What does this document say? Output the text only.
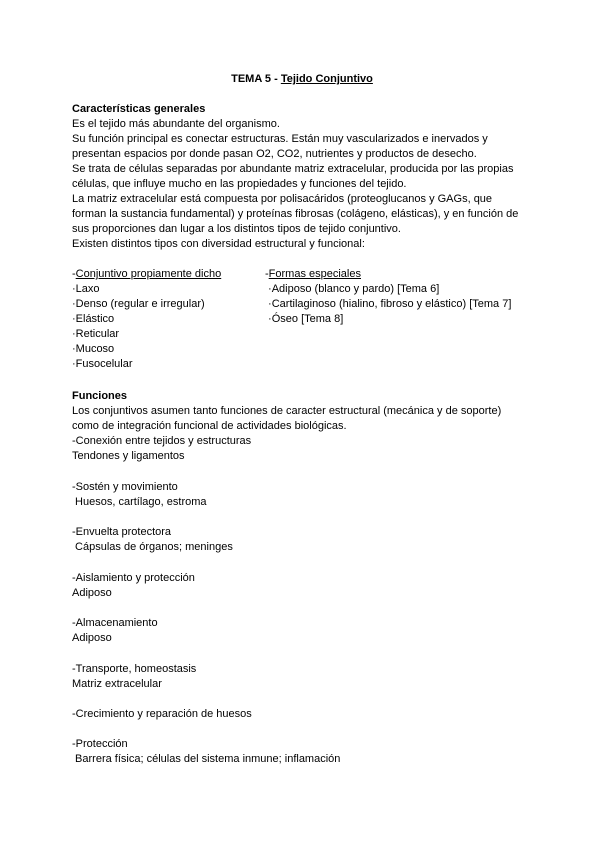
TEMA 5 - Tejido Conjuntivo
Características generales
Es el tejido más abundante del organismo.
Su función principal es conectar estructuras. Están muy vascularizados e inervados y
presentan espacios por donde pasan O2, CO2, nutrientes y productos de desecho.
Se trata de células separadas por abundante matriz extracelular, producida por las propias
células, que influye mucho en las propiedades y funciones del tejido.
La matriz extracelular está compuesta por polisacáridos (proteoglucanos y GAGs, que
forman la sustancia fundamental) y proteínas fibrosas (colágeno, elásticas), y en función de
sus proporciones dan lugar a los distintos tipos de tejido conjuntivo.
Existen distintos tipos con diversidad estructural y funcional:
-Conjuntivo propiamente dicho
·Laxo
·Denso (regular e irregular)
·Elástico
·Reticular
·Mucoso
·Fusocelular
-Formas especiales
·Adiposo (blanco y pardo) [Tema 6]
·Cartilaginoso (hialino, fibroso y elástico) [Tema 7]
·Óseo [Tema 8]
Funciones
Los conjuntivos asumen tanto funciones de caracter estructural (mecánica y de soporte)
como de integración funcional de actividades biológicas.
-Conexión entre tejidos y estructuras
Tendones y ligamentos
-Sostén y movimiento
Huesos, cartílago, estroma
-Envuelta protectora
Cápsulas de órganos; meninges
-Aislamiento y protección
Adiposo
-Almacenamiento
Adiposo
-Transporte, homeostasis
Matriz extracelular
-Crecimiento y reparación de huesos
-Protección
Barrera física; células del sistema inmune; inflamación
